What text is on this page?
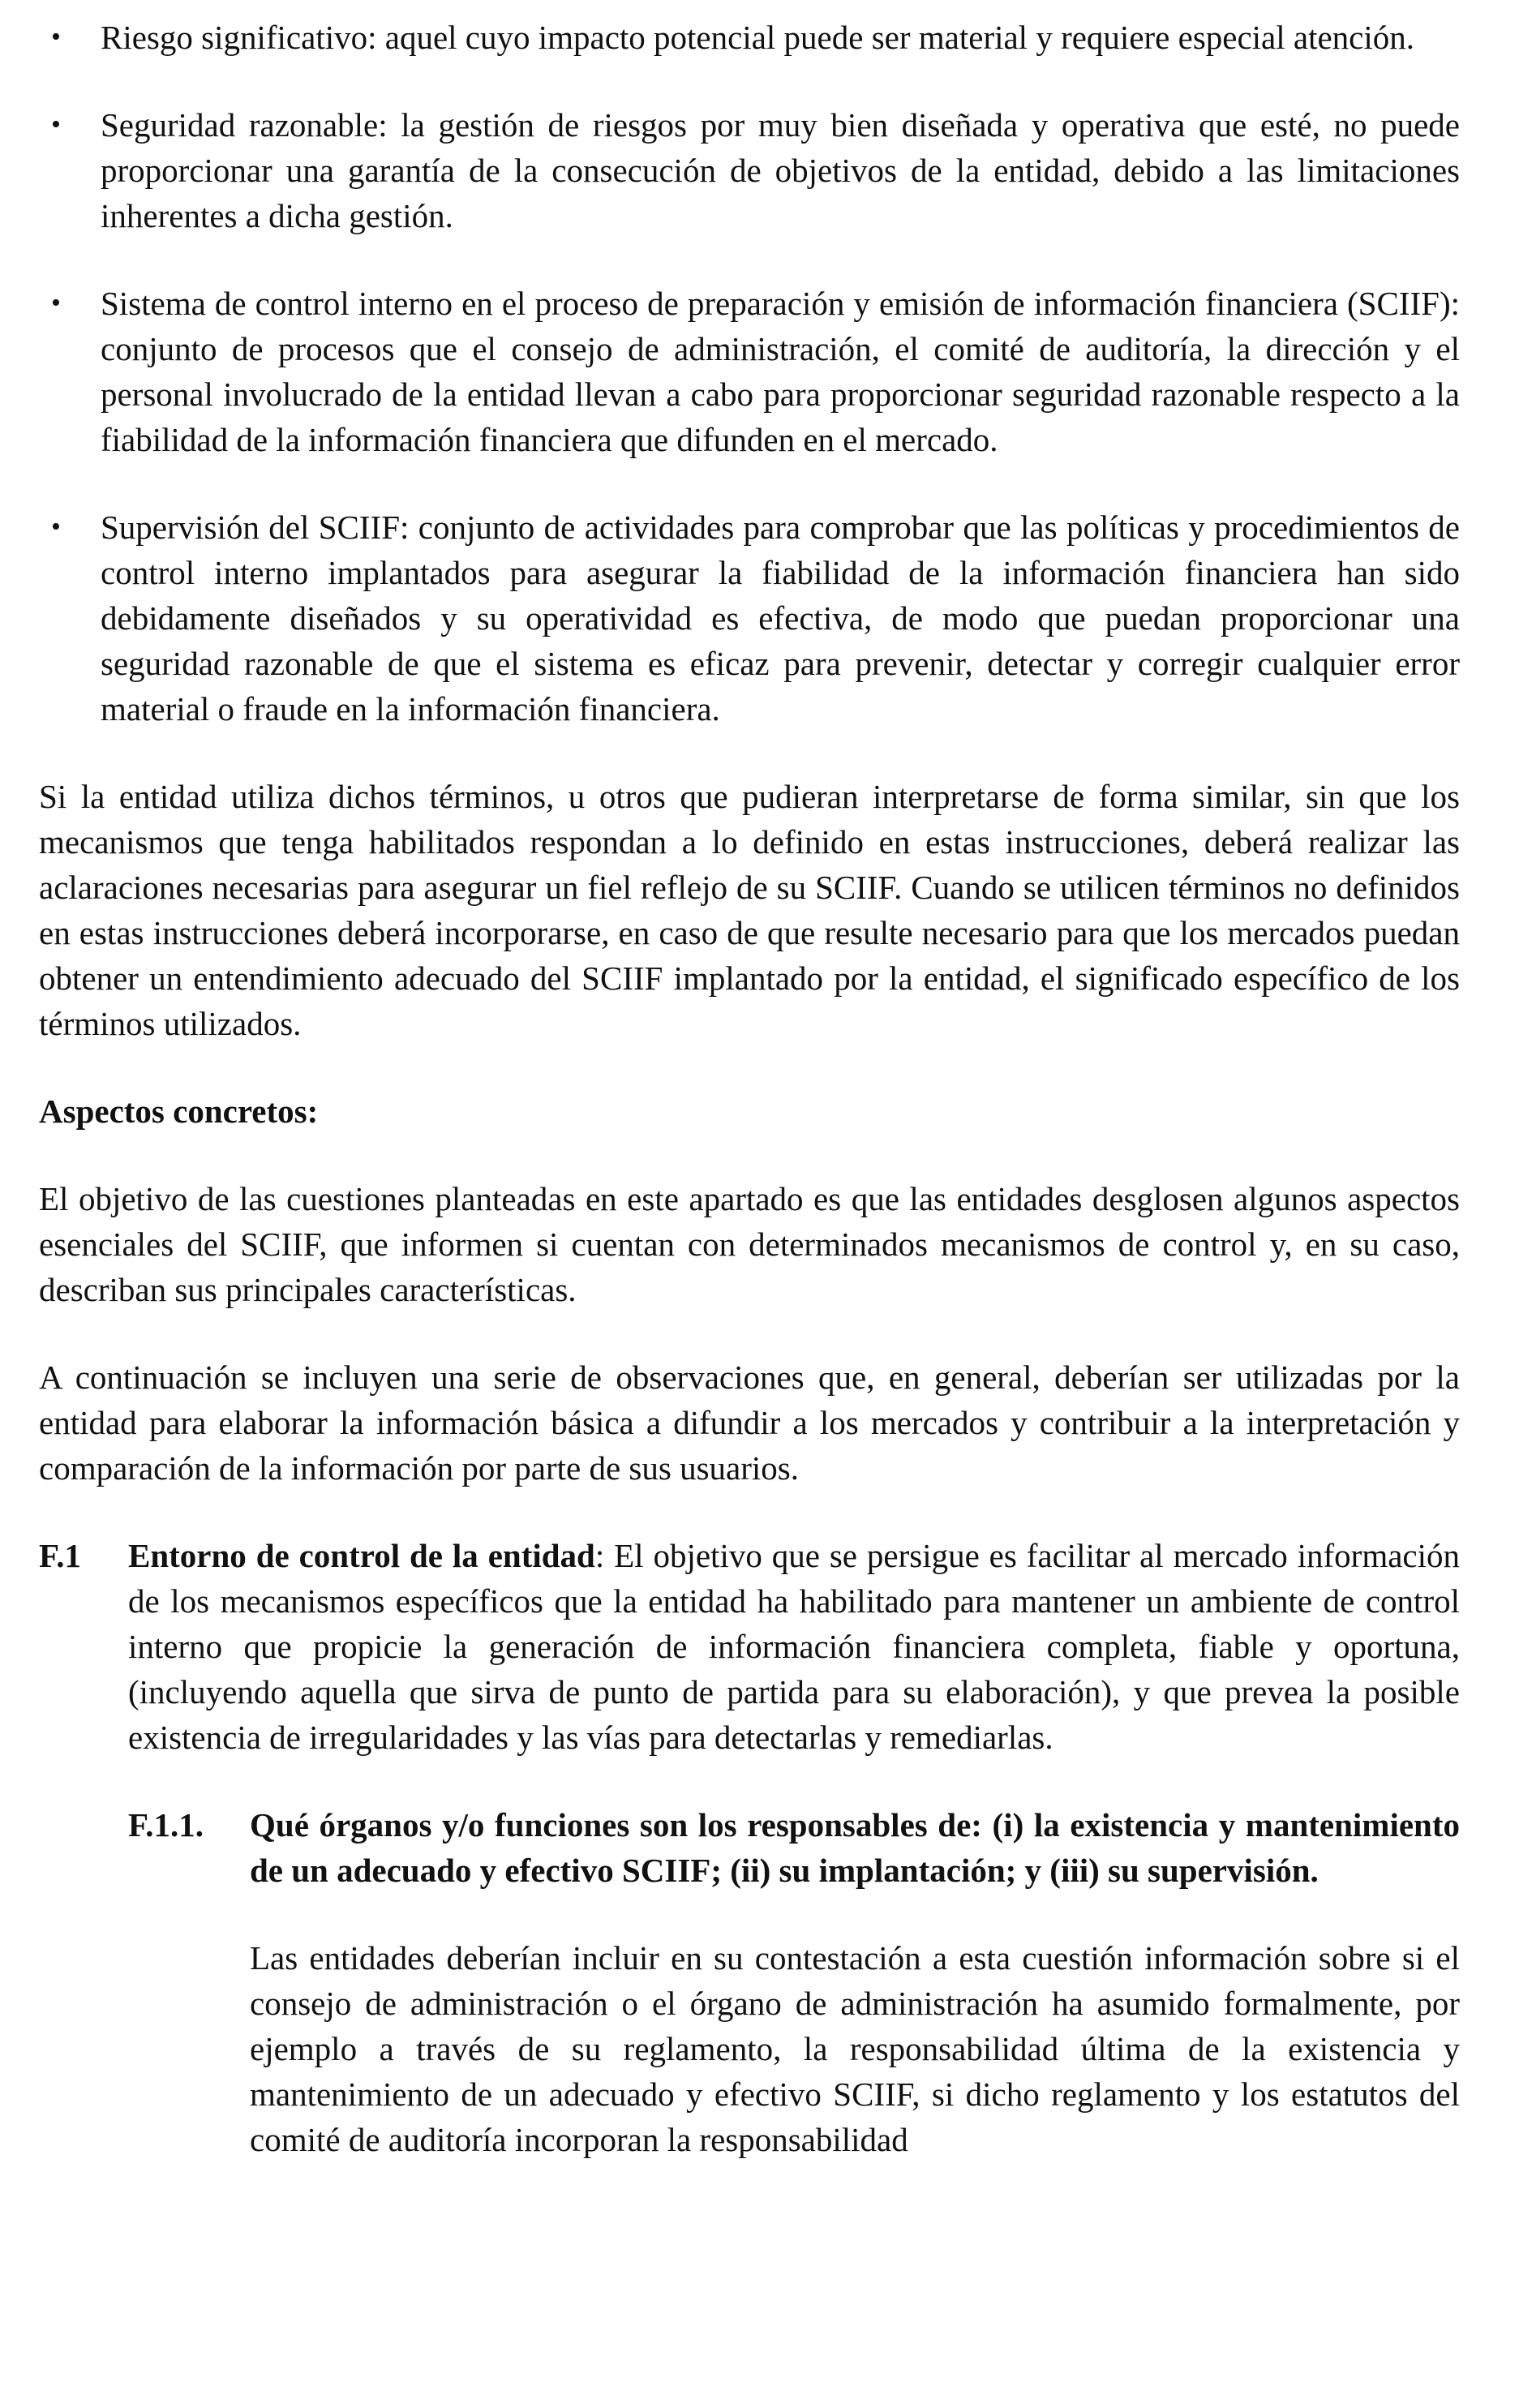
• Riesgo significativo: aquel cuyo impacto potencial puede ser material y requiere especial atención.
• Seguridad razonable: la gestión de riesgos por muy bien diseñada y operativa que esté, no puede proporcionar una garantía de la consecución de objetivos de la entidad, debido a las limitaciones inherentes a dicha gestión.
• Sistema de control interno en el proceso de preparación y emisión de información financiera (SCIIF): conjunto de procesos que el consejo de administración, el comité de auditoría, la dirección y el personal involucrado de la entidad llevan a cabo para proporcionar seguridad razonable respecto a la fiabilidad de la información financiera que difunden en el mercado.
• Supervisión del SCIIF: conjunto de actividades para comprobar que las políticas y procedimientos de control interno implantados para asegurar la fiabilidad de la información financiera han sido debidamente diseñados y su operatividad es efectiva, de modo que puedan proporcionar una seguridad razonable de que el sistema es eficaz para prevenir, detectar y corregir cualquier error material o fraude en la información financiera.

Si la entidad utiliza dichos términos, u otros que pudieran interpretarse de forma similar, sin que los mecanismos que tenga habilitados respondan a lo definido en estas instrucciones, deberá realizar las aclaraciones necesarias para asegurar un fiel reflejo de su SCIIF. Cuando se utilicen términos no definidos en estas instrucciones deberá incorporarse, en caso de que resulte necesario para que los mercados puedan obtener un entendimiento adecuado del SCIIF implantado por la entidad, el significado específico de los términos utilizados.

Aspectos concretos:

El objetivo de las cuestiones planteadas en este apartado es que las entidades desglosen algunos aspectos esenciales del SCIIF, que informen si cuentan con determinados mecanismos de control y, en su caso, describan sus principales características.

A continuación se incluyen una serie de observaciones que, en general, deberían ser utilizadas por la entidad para elaborar la información básica a difundir a los mercados y contribuir a la interpretación y comparación de la información por parte de sus usuarios.

F.1	Entorno de control de la entidad: El objetivo que se persigue es facilitar al mercado información de los mecanismos específicos que la entidad ha habilitado para mantener un ambiente de control interno que propicie la generación de información financiera completa, fiable y oportuna, (incluyendo aquella que sirva de punto de partida para su elaboración), y que prevea la posible existencia de irregularidades y las vías para detectarlas y remediarlas.
F.1.1.	Qué órganos y/o funciones son los responsables de: (i) la existencia y mantenimiento de un adecuado y efectivo SCIIF; (ii) su implantación; y (iii) su supervisión.

Las entidades deberían incluir en su contestación a esta cuestión información sobre si el consejo de administración o el órgano de administración ha asumido formalmente, por ejemplo a través de su reglamento, la responsabilidad última de la existencia y mantenimiento de un adecuado y efectivo SCIIF, si dicho reglamento y los estatutos del comité de auditoría incorporan la responsabilidad
